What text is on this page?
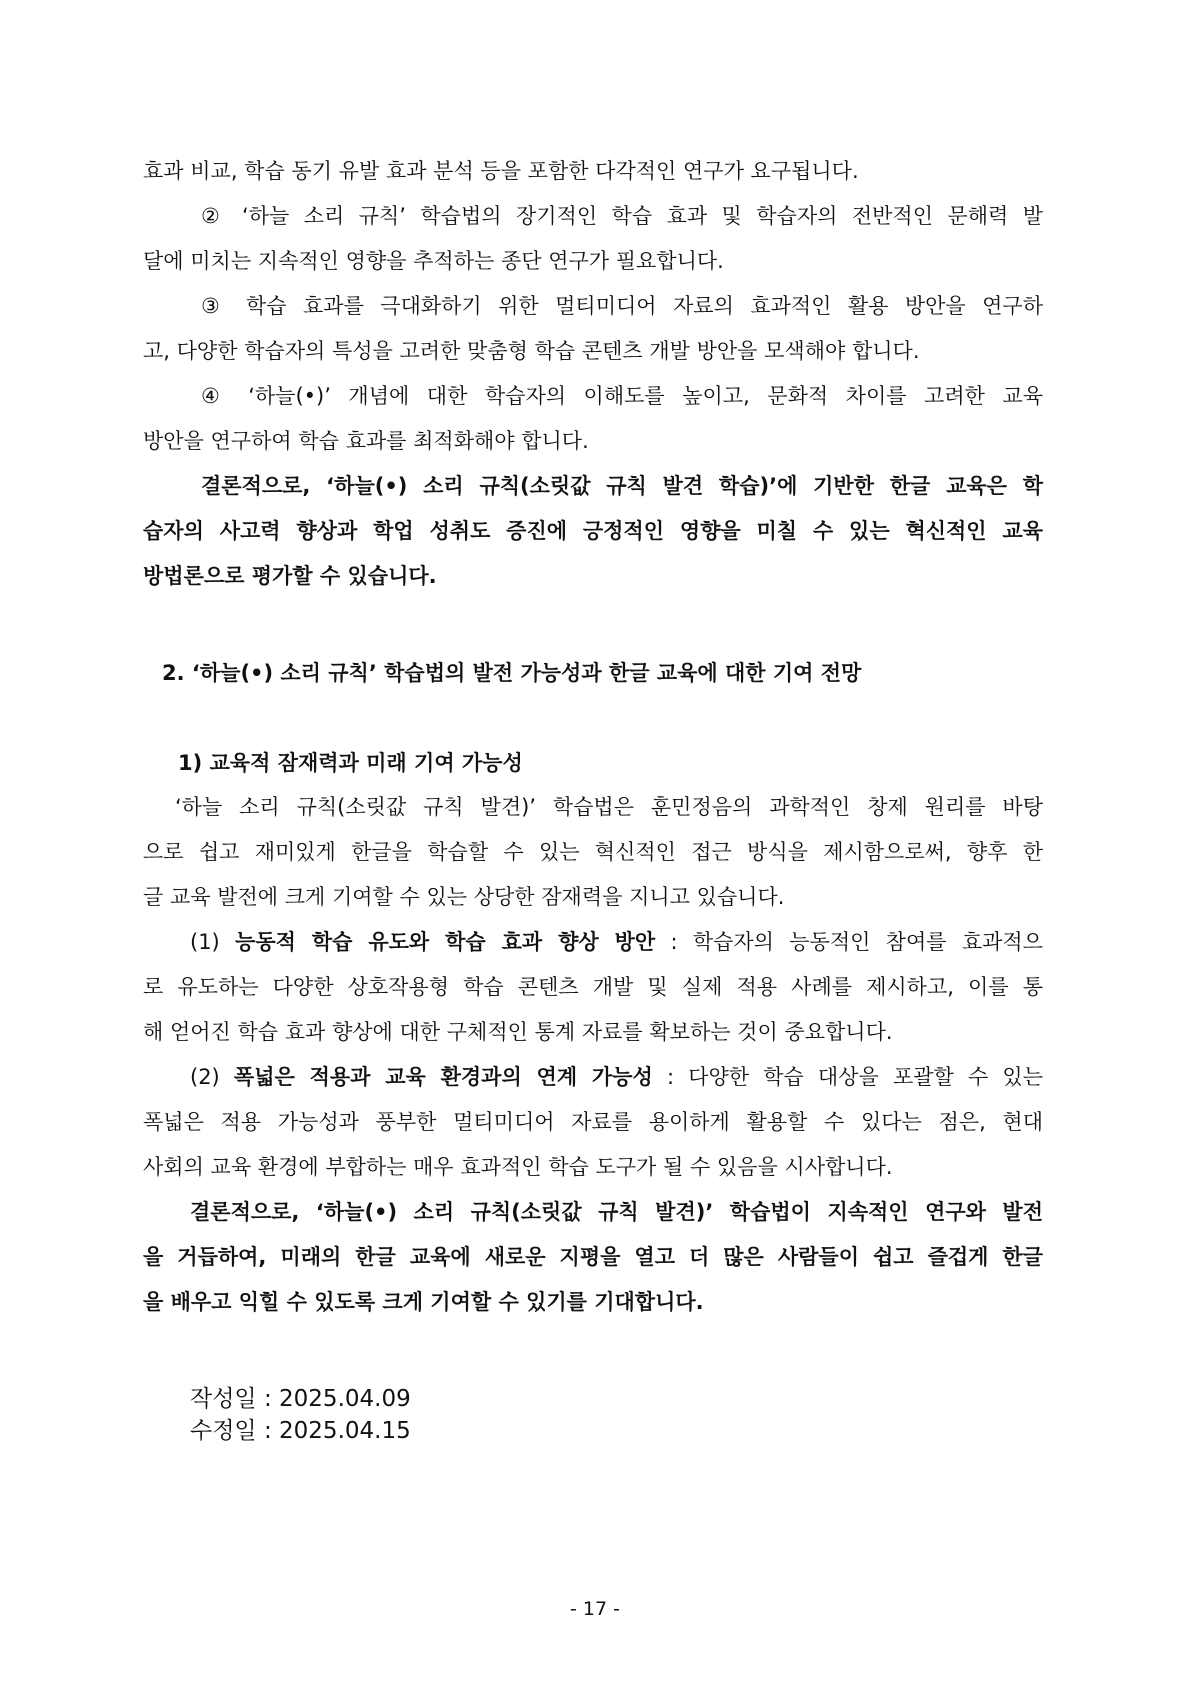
효과 비교, 학습 동기 유발 효과 분석 등을 포함한 다각적인 연구가 요구됩니다.
② ‘하늘 소리 규칙’ 학습법의 장기적인 학습 효과 및 학습자의 전반적인 문해력 발
달에 미치는 지속적인 영향을 추적하는 종단 연구가 필요합니다.
③ 학습 효과를 극대화하기 위한 멀티미디어 자료의 효과적인 활용 방안을 연구하
고, 다양한 학습자의 특성을 고려한 맞춤형 학습 콘텐츠 개발 방안을 모색해야 합니다.
④ ‘하늘(•)’ 개념에 대한 학습자의 이해도를 높이고, 문화적 차이를 고려한 교육
방안을 연구하여 학습 효과를 최적화해야 합니다.
결론적으로, ‘하늘(•) 소리 규칙(소릿값 규칙 발견 학습)’에 기반한 한글 교육은 학
습자의 사고력 향상과 학업 성취도 증진에 긍정적인 영향을 미칠 수 있는 혁신적인 교육
방법론으로 평가할 수 있습니다.
2. ‘하늘(•) 소리 규칙’ 학습법의 발전 가능성과 한글 교육에 대한 기여 전망
1) 교육적 잠재력과 미래 기여 가능성
‘하늘 소리 규칙(소릿값 규칙 발견)’ 학습법은 훈민정음의 과학적인 창제 원리를 바탕
으로 쉽고 재미있게 한글을 학습할 수 있는 혁신적인 접근 방식을 제시함으로써, 향후 한
글 교육 발전에 크게 기여할 수 있는 상당한 잠재력을 지니고 있습니다.
(1) 능동적 학습 유도와 학습 효과 향상 방안 : 학습자의 능동적인 참여를 효과적으
로 유도하는 다양한 상호작용형 학습 콘텐츠 개발 및 실제 적용 사례를 제시하고, 이를 통
해 얻어진 학습 효과 향상에 대한 구체적인 통계 자료를 확보하는 것이 중요합니다.
(2) 폭넓은 적용과 교육 환경과의 연계 가능성 : 다양한 학습 대상을 포괄할 수 있는
폭넓은 적용 가능성과 풍부한 멀티미디어 자료를 용이하게 활용할 수 있다는 점은, 현대
사회의 교육 환경에 부합하는 매우 효과적인 학습 도구가 될 수 있음을 시사합니다.
결론적으로, ‘하늘(•) 소리 규칙(소릿값 규칙 발견)’ 학습법이 지속적인 연구와 발전
을 거듭하여, 미래의 한글 교육에 새로운 지평을 열고 더 많은 사람들이 쉽고 즐겁게 한글
을 배우고 익힐 수 있도록 크게 기여할 수 있기를 기대합니다.
작성일 : 2025.04.09
수정일 : 2025.04.15
- 17 -
